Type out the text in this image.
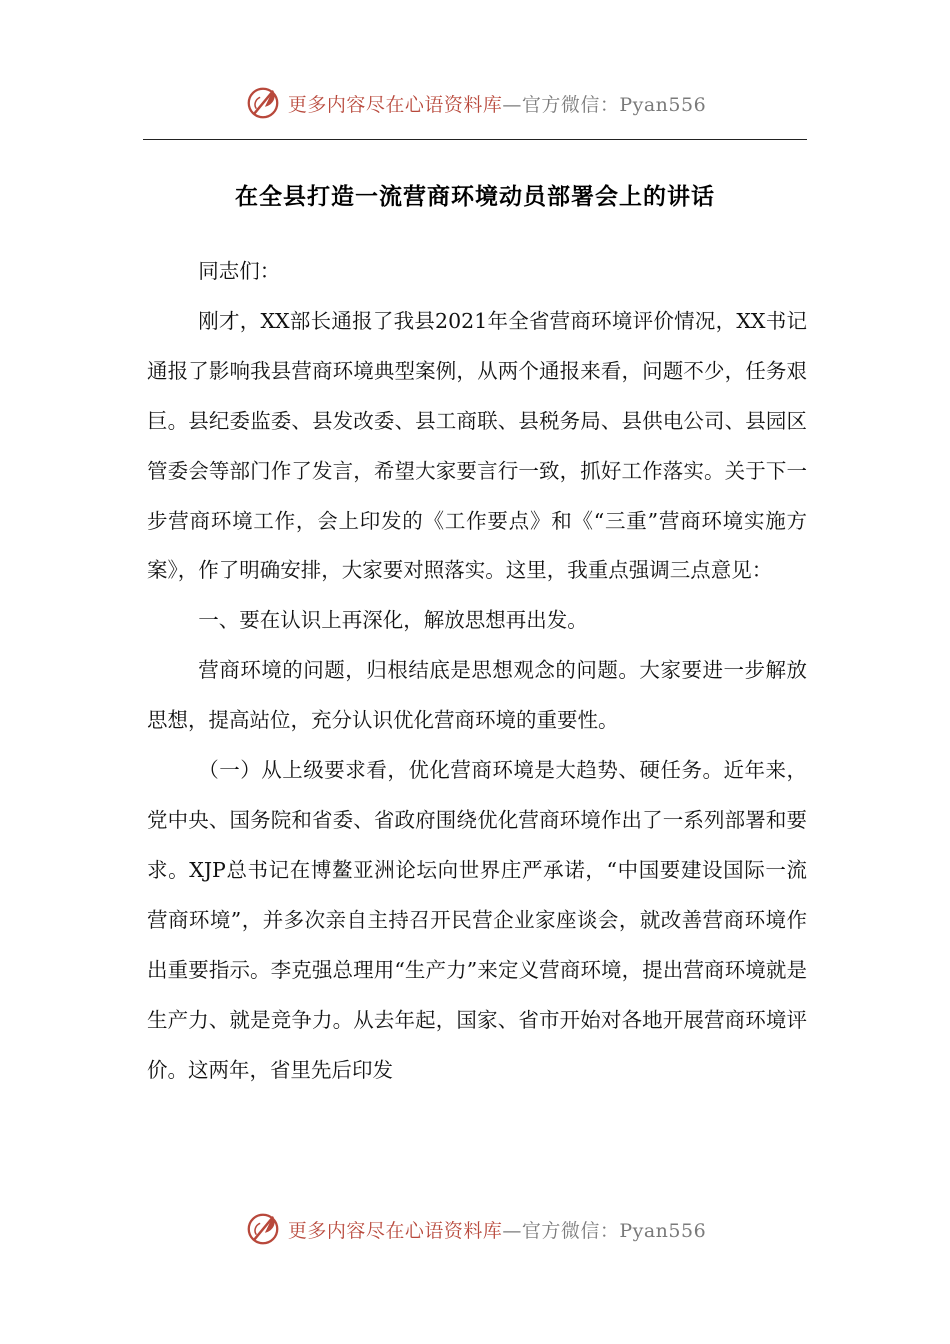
更多内容尽在心语资料库—官方微信：Pyan556
在全县打造一流营商环境动员部署会上的讲话

同志们：

刚才，XX部长通报了我县2021年全省营商环境评价情况，XX书记通报了影响我县营商环境典型案例，从两个通报来看，问题不少，任务艰巨。县纪委监委、县发改委、县工商联、县税务局、县供电公司、县园区管委会等部门作了发言，希望大家要言行一致，抓好工作落实。关于下一步营商环境工作，会上印发的《工作要点》和《“三重”营商环境实施方案》，作了明确安排，大家要对照落实。这里，我重点强调三点意见：

一、要在认识上再深化，解放思想再出发。

营商环境的问题，归根结底是思想观念的问题。大家要进一步解放思想，提高站位，充分认识优化营商环境的重要性。

（一）从上级要求看，优化营商环境是大趋势、硬任务。近年来，党中央、国务院和省委、省政府围绕优化营商环境作出了一系列部署和要求。XJP总书记在博鳌亚洲论坛向世界庄严承诺，“中国要建设国际一流营商环境”，并多次亲自主持召开民营企业家座谈会，就改善营商环境作出重要指示。李克强总理用“生产力”来定义营商环境，提出营商环境就是生产力、就是竞争力。从去年起，国家、省市开始对各地开展营商环境评价。这两年，省里先后印发

更多内容尽在心语资料库—官方微信：Pyan556
